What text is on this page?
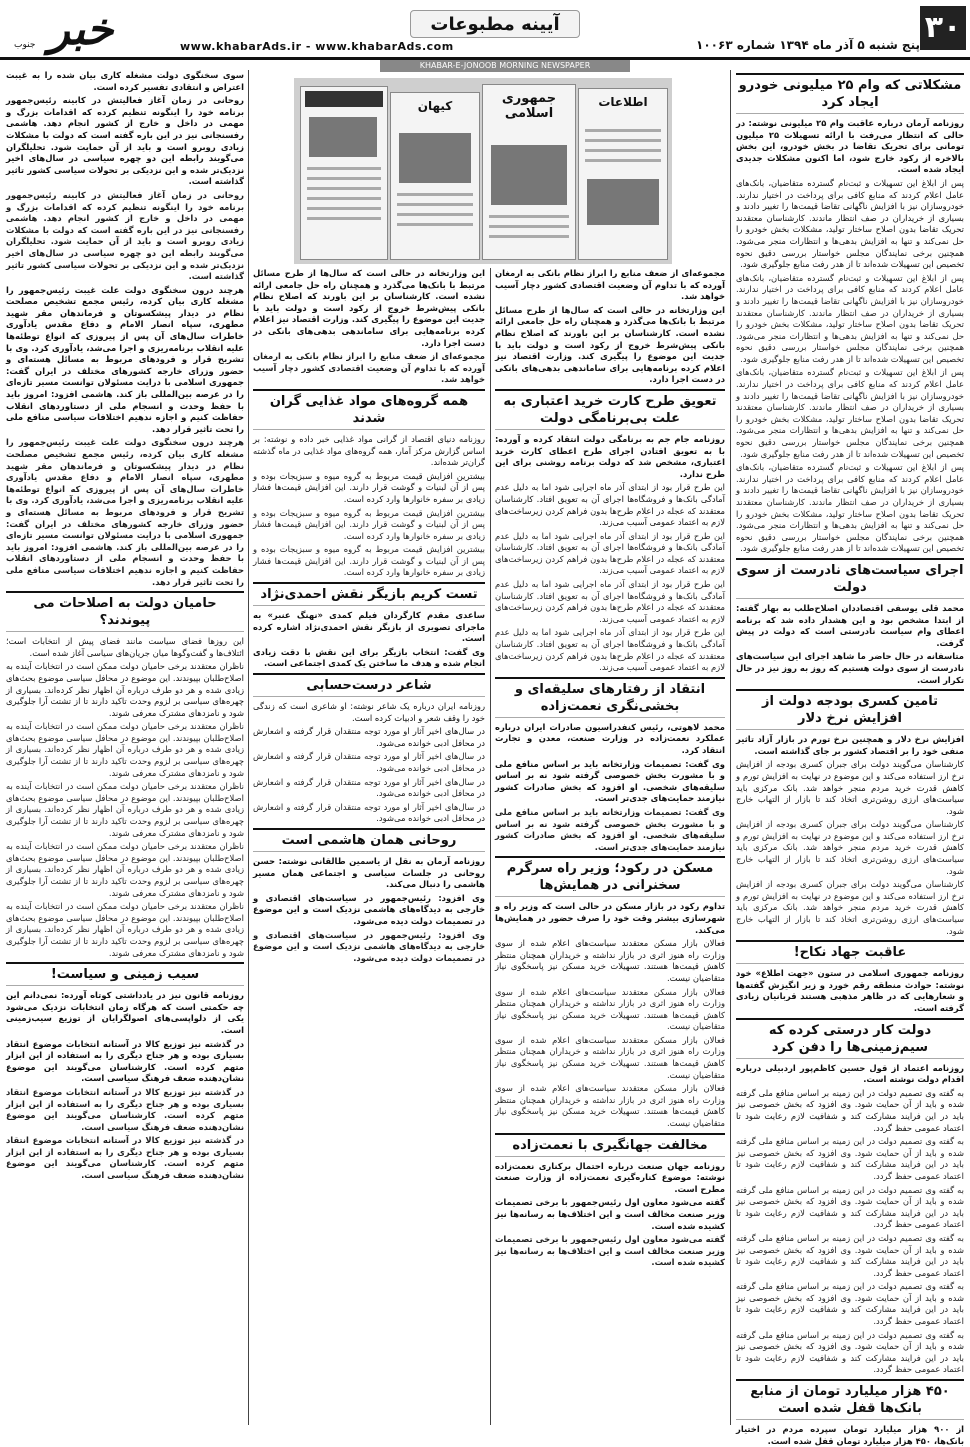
۳۰
خبر
جنوب
آیینه مطبوعات
پنج شنبه ۵ آذر ماه ۱۳۹۴ شماره ۱۰۰۶۳
www.khabarAds.ir - www.khabarAds.com
KHABAR-E-JONOOB MORNING NEWSPAPER
مشکلاتی که وام ۲۵ میلیونی خودرو ایجاد کرد

روزنامه آرمان درباره عاقبت وام ۲۵ میلیونی نوشته: در حالی که انتظار می‌رفت با ارائه تسهیلات ۲۵ میلیون تومانی برای تحریک تقاضا در بخش خودرو، این بخش بالاخره از رکود خارج شود، اما اکنون مشکلات جدیدی ایجاد شده است.

پس از ابلاغ این تسهیلات و ثبت‌نام گسترده متقاضیان، بانک‌های عامل اعلام کردند که منابع کافی برای پرداخت در اختیار ندارند. خودروسازان نیز با افزایش ناگهانی تقاضا قیمت‌ها را تغییر دادند و بسیاری از خریداران در صف انتظار ماندند. کارشناسان معتقدند تحریک تقاضا بدون اصلاح ساختار تولید، مشکلات بخش خودرو را حل نمی‌کند و تنها به افزایش بدهی‌ها و انتظارات منجر می‌شود. همچنین برخی نمایندگان مجلس خواستار بررسی دقیق نحوه تخصیص این تسهیلات شده‌اند تا از هدر رفت منابع جلوگیری شود.

پس از ابلاغ این تسهیلات و ثبت‌نام گسترده متقاضیان، بانک‌های عامل اعلام کردند که منابع کافی برای پرداخت در اختیار ندارند. خودروسازان نیز با افزایش ناگهانی تقاضا قیمت‌ها را تغییر دادند و بسیاری از خریداران در صف انتظار ماندند. کارشناسان معتقدند تحریک تقاضا بدون اصلاح ساختار تولید، مشکلات بخش خودرو را حل نمی‌کند و تنها به افزایش بدهی‌ها و انتظارات منجر می‌شود. همچنین برخی نمایندگان مجلس خواستار بررسی دقیق نحوه تخصیص این تسهیلات شده‌اند تا از هدر رفت منابع جلوگیری شود.

پس از ابلاغ این تسهیلات و ثبت‌نام گسترده متقاضیان، بانک‌های عامل اعلام کردند که منابع کافی برای پرداخت در اختیار ندارند. خودروسازان نیز با افزایش ناگهانی تقاضا قیمت‌ها را تغییر دادند و بسیاری از خریداران در صف انتظار ماندند. کارشناسان معتقدند تحریک تقاضا بدون اصلاح ساختار تولید، مشکلات بخش خودرو را حل نمی‌کند و تنها به افزایش بدهی‌ها و انتظارات منجر می‌شود. همچنین برخی نمایندگان مجلس خواستار بررسی دقیق نحوه تخصیص این تسهیلات شده‌اند تا از هدر رفت منابع جلوگیری شود.

پس از ابلاغ این تسهیلات و ثبت‌نام گسترده متقاضیان، بانک‌های عامل اعلام کردند که منابع کافی برای پرداخت در اختیار ندارند. خودروسازان نیز با افزایش ناگهانی تقاضا قیمت‌ها را تغییر دادند و بسیاری از خریداران در صف انتظار ماندند. کارشناسان معتقدند تحریک تقاضا بدون اصلاح ساختار تولید، مشکلات بخش خودرو را حل نمی‌کند و تنها به افزایش بدهی‌ها و انتظارات منجر می‌شود. همچنین برخی نمایندگان مجلس خواستار بررسی دقیق نحوه تخصیص این تسهیلات شده‌اند تا از هدر رفت منابع جلوگیری شود.

اجرای سیاست‌های نادرست از سوی دولت

محمد قلی یوسفی اقتصاددان اصلاح‌طلب به بهار گفته: از ابتدا مشخص بود و این هشدار داده شد که برنامه اعطای وام سیاست نادرستی است که دولت در پیش گرفت.

متاسفانه در حال حاضر ما شاهد اجرای این سیاست‌های نادرست از سوی دولت هستیم که روز به روز نیز در حال تکرار است.

تامین کسری بودجه دولت از افزایش نرخ دلار

افزایش نرخ دلار و همچنین نرخ تورم در بازار آزاد تاثیر منفی خود را بر اقتصاد کشور بر جای گذاشته است.

کارشناسان می‌گویند دولت برای جبران کسری بودجه از افزایش نرخ ارز استفاده می‌کند و این موضوع در نهایت به افزایش تورم و کاهش قدرت خرید مردم منجر خواهد شد. بانک مرکزی باید سیاست‌های ارزی روشن‌تری اتخاذ کند تا بازار از التهاب خارج شود.

کارشناسان می‌گویند دولت برای جبران کسری بودجه از افزایش نرخ ارز استفاده می‌کند و این موضوع در نهایت به افزایش تورم و کاهش قدرت خرید مردم منجر خواهد شد. بانک مرکزی باید سیاست‌های ارزی روشن‌تری اتخاذ کند تا بازار از التهاب خارج شود.

کارشناسان می‌گویند دولت برای جبران کسری بودجه از افزایش نرخ ارز استفاده می‌کند و این موضوع در نهایت به افزایش تورم و کاهش قدرت خرید مردم منجر خواهد شد. بانک مرکزی باید سیاست‌های ارزی روشن‌تری اتخاذ کند تا بازار از التهاب خارج شود.

عاقبت جهاد نکاح!

روزنامه جمهوری اسلامی در ستون «جهت اطلاع» خود نوشته: حوادث منطقه رقم خورد و زیر انگیزش گفته‌ها و شعارهایی که در ظاهر مذهبی هستند قربانیان زیادی گرفته است.

دولت کار درستی کرده که سیم‌زمینی‌ها را دفن کرد

روزنامه اعتماد از قول حسین کاظم‌پور اردبیلی درباره اقدام دولت نوشته است.

به گفته وی تصمیم دولت در این زمینه بر اساس منافع ملی گرفته شده و باید از آن حمایت شود. وی افزود که بخش خصوصی نیز باید در این فرایند مشارکت کند و شفافیت لازم رعایت شود تا اعتماد عمومی حفظ گردد.

به گفته وی تصمیم دولت در این زمینه بر اساس منافع ملی گرفته شده و باید از آن حمایت شود. وی افزود که بخش خصوصی نیز باید در این فرایند مشارکت کند و شفافیت لازم رعایت شود تا اعتماد عمومی حفظ گردد.

به گفته وی تصمیم دولت در این زمینه بر اساس منافع ملی گرفته شده و باید از آن حمایت شود. وی افزود که بخش خصوصی نیز باید در این فرایند مشارکت کند و شفافیت لازم رعایت شود تا اعتماد عمومی حفظ گردد.

به گفته وی تصمیم دولت در این زمینه بر اساس منافع ملی گرفته شده و باید از آن حمایت شود. وی افزود که بخش خصوصی نیز باید در این فرایند مشارکت کند و شفافیت لازم رعایت شود تا اعتماد عمومی حفظ گردد.

به گفته وی تصمیم دولت در این زمینه بر اساس منافع ملی گرفته شده و باید از آن حمایت شود. وی افزود که بخش خصوصی نیز باید در این فرایند مشارکت کند و شفافیت لازم رعایت شود تا اعتماد عمومی حفظ گردد.

به گفته وی تصمیم دولت در این زمینه بر اساس منافع ملی گرفته شده و باید از آن حمایت شود. وی افزود که بخش خصوصی نیز باید در این فرایند مشارکت کند و شفافیت لازم رعایت شود تا اعتماد عمومی حفظ گردد.

۴۵۰ هزار میلیارد تومان از منابع بانک‌ها قفل شده است

از ۹۰۰ هزار میلیارد تومان سپرده مردم در اختیار بانک‌ها، ۴۵۰ هزار میلیارد تومان قفل شده است.

کیهان	جمهوری اسلامی
اطلاعات

مجموعه‌ای از ضعف منابع را ابراز نظام بانکی به ارمغان آورده که با تداوم آن وضعیت اقتصادی کشور دچار آسیب خواهد شد.

این وزارتخانه در حالی است که سال‌ها از طرح مسائل مرتبط با بانک‌ها می‌گذرد و همچنان راه حل جامعی ارائه نشده است. کارشناسان بر این باورند که اصلاح نظام بانکی پیش‌شرط خروج از رکود است و دولت باید با جدیت این موضوع را پیگیری کند. وزارت اقتصاد نیز اعلام کرده برنامه‌هایی برای ساماندهی بدهی‌های بانکی در دست اجرا دارد.

تعویق طرح کارت خرید اعتباری به علت بی‌برنامگی دولت

روزنامه جام جم به برنامگی دولت انتقاد کرده و آورده: با به تعویق افتادن اجرای طرح اعطای کارت خرید اعتباری، مشخص شد که دولت برنامه روشنی برای این طرح ندارد.

این طرح قرار بود از ابتدای آذر ماه اجرایی شود اما به دلیل عدم آمادگی بانک‌ها و فروشگاه‌ها اجرای آن به تعویق افتاد. کارشناسان معتقدند که عجله در اعلام طرح‌ها بدون فراهم کردن زیرساخت‌های لازم به اعتماد عمومی آسیب می‌زند.

این طرح قرار بود از ابتدای آذر ماه اجرایی شود اما به دلیل عدم آمادگی بانک‌ها و فروشگاه‌ها اجرای آن به تعویق افتاد. کارشناسان معتقدند که عجله در اعلام طرح‌ها بدون فراهم کردن زیرساخت‌های لازم به اعتماد عمومی آسیب می‌زند.

این طرح قرار بود از ابتدای آذر ماه اجرایی شود اما به دلیل عدم آمادگی بانک‌ها و فروشگاه‌ها اجرای آن به تعویق افتاد. کارشناسان معتقدند که عجله در اعلام طرح‌ها بدون فراهم کردن زیرساخت‌های لازم به اعتماد عمومی آسیب می‌زند.

این طرح قرار بود از ابتدای آذر ماه اجرایی شود اما به دلیل عدم آمادگی بانک‌ها و فروشگاه‌ها اجرای آن به تعویق افتاد. کارشناسان معتقدند که عجله در اعلام طرح‌ها بدون فراهم کردن زیرساخت‌های لازم به اعتماد عمومی آسیب می‌زند.

انتقاد از رفتارهای سلیقه‌ای و بخشی‌نگری نعمت‌زاده

محمد لاهوتی، رئیس کنفدراسیون صادرات ایران درباره عملکرد نعمت‌زاده در وزارت صنعت، معدن و تجارت انتقاد کرد.

وی گفت: تصمیمات وزارتخانه باید بر اساس منافع ملی و با مشورت بخش خصوصی گرفته شود نه بر اساس سلیقه‌های شخصی. او افزود که بخش صادرات کشور نیازمند حمایت‌های جدی‌تر است.

وی گفت: تصمیمات وزارتخانه باید بر اساس منافع ملی و با مشورت بخش خصوصی گرفته شود نه بر اساس سلیقه‌های شخصی. او افزود که بخش صادرات کشور نیازمند حمایت‌های جدی‌تر است.

مسکن در رکود؛ وزیر راه سرگرم سخنرانی در همایش‌ها

تداوم رکود در بازار مسکن در حالی است که وزیر راه و شهرسازی بیشتر وقت خود را صرف حضور در همایش‌ها می‌کند.

فعالان بازار مسکن معتقدند سیاست‌های اعلام شده از سوی وزارت راه هنوز اثری در بازار نداشته و خریداران همچنان منتظر کاهش قیمت‌ها هستند. تسهیلات خرید مسکن نیز پاسخگوی نیاز متقاضیان نیست.

فعالان بازار مسکن معتقدند سیاست‌های اعلام شده از سوی وزارت راه هنوز اثری در بازار نداشته و خریداران همچنان منتظر کاهش قیمت‌ها هستند. تسهیلات خرید مسکن نیز پاسخگوی نیاز متقاضیان نیست.

فعالان بازار مسکن معتقدند سیاست‌های اعلام شده از سوی وزارت راه هنوز اثری در بازار نداشته و خریداران همچنان منتظر کاهش قیمت‌ها هستند. تسهیلات خرید مسکن نیز پاسخگوی نیاز متقاضیان نیست.

فعالان بازار مسکن معتقدند سیاست‌های اعلام شده از سوی وزارت راه هنوز اثری در بازار نداشته و خریداران همچنان منتظر کاهش قیمت‌ها هستند. تسهیلات خرید مسکن نیز پاسخگوی نیاز متقاضیان نیست.

مخالفت جهانگیری با نعمت‌زاده

روزنامه جهان صنعت درباره احتمال برکناری نعمت‌زاده نوشته: موضوع کناره‌گیری نعمت‌زاده از وزارت صنعت مطرح است.

گفته می‌شود معاون اول رئیس‌جمهور با برخی تصمیمات وزیر صنعت مخالف است و این اختلاف‌ها به رسانه‌ها نیز کشیده شده است.

گفته می‌شود معاون اول رئیس‌جمهور با برخی تصمیمات وزیر صنعت مخالف است و این اختلاف‌ها به رسانه‌ها نیز کشیده شده است.

این وزارتخانه در حالی است که سال‌ها از طرح مسائل مرتبط با بانک‌ها می‌گذرد و همچنان راه حل جامعی ارائه نشده است. کارشناسان بر این باورند که اصلاح نظام بانکی پیش‌شرط خروج از رکود است و دولت باید با جدیت این موضوع را پیگیری کند. وزارت اقتصاد نیز اعلام کرده برنامه‌هایی برای ساماندهی بدهی‌های بانکی در دست اجرا دارد.

مجموعه‌ای از ضعف منابع را ابراز نظام بانکی به ارمغان آورده که با تداوم آن وضعیت اقتصادی کشور دچار آسیب خواهد شد.

همه گروه‌های مواد غذایی گران شدند

روزنامه دنیای اقتصاد از گرانی مواد غذایی خبر داده و نوشته: بر اساس گزارش مرکز آمار، همه گروه‌های مواد غذایی در ماه گذشته گران‌تر شده‌اند.

بیشترین افزایش قیمت مربوط به گروه میوه و سبزیجات بوده و پس از آن لبنیات و گوشت قرار دارند. این افزایش قیمت‌ها فشار زیادی بر سفره خانوارها وارد کرده است.

بیشترین افزایش قیمت مربوط به گروه میوه و سبزیجات بوده و پس از آن لبنیات و گوشت قرار دارند. این افزایش قیمت‌ها فشار زیادی بر سفره خانوارها وارد کرده است.

بیشترین افزایش قیمت مربوط به گروه میوه و سبزیجات بوده و پس از آن لبنیات و گوشت قرار دارند. این افزایش قیمت‌ها فشار زیادی بر سفره خانوارها وارد کرده است.

تست کریم بازیگر نقش احمدی‌نژاد

ساعدی مقدم کارگردان فیلم کمدی «نهنگ عنبر» به ماجرای تصویری از بازیگر نقش احمدی‌نژاد اشاره کرده است.

وی گفت: انتخاب بازیگر برای این نقش با دقت زیادی انجام شده و هدف ما ساختن یک کمدی اجتماعی است.

شاعر درست‌حسابی

روزنامه ایران درباره یک شاعر نوشته: او شاعری است که زندگی خود را وقف شعر و ادبیات کرده است.

در سال‌های اخیر آثار او مورد توجه منتقدان قرار گرفته و اشعارش در محافل ادبی خوانده می‌شود.

در سال‌های اخیر آثار او مورد توجه منتقدان قرار گرفته و اشعارش در محافل ادبی خوانده می‌شود.

در سال‌های اخیر آثار او مورد توجه منتقدان قرار گرفته و اشعارش در محافل ادبی خوانده می‌شود.

در سال‌های اخیر آثار او مورد توجه منتقدان قرار گرفته و اشعارش در محافل ادبی خوانده می‌شود.

روحانی همان هاشمی است

روزنامه آرمان به نقل از یاسمین طالقانی نوشته: حسن روحانی در جلسات سیاسی و اجتماعی همان مسیر هاشمی را دنبال می‌کند.

وی افزود: رئیس‌جمهور در سیاست‌های اقتصادی و خارجی به دیدگاه‌های هاشمی نزدیک است و این موضوع در تصمیمات دولت دیده می‌شود.

وی افزود: رئیس‌جمهور در سیاست‌های اقتصادی و خارجی به دیدگاه‌های هاشمی نزدیک است و این موضوع در تصمیمات دولت دیده می‌شود.

سوی سخنگوی دولت مشغله کاری بیان شده را به غیبت اعتراض و انتقادی تفسیر کرده است.

روحانی در زمان آغاز فعالیتش در کابینه رئیس‌جمهور برنامه خود را اینگونه تنظیم کرده که اقدامات بزرگ و مهمی در داخل و خارج از کشور انجام دهد. هاشمی رفسنجانی نیز در این باره گفته است که دولت با مشکلات زیادی روبرو است و باید از آن حمایت شود. تحلیلگران می‌گویند رابطه این دو چهره سیاسی در سال‌های اخیر نزدیک‌تر شده و این نزدیکی بر تحولات سیاسی کشور تاثیر گذاشته است.

روحانی در زمان آغاز فعالیتش در کابینه رئیس‌جمهور برنامه خود را اینگونه تنظیم کرده که اقدامات بزرگ و مهمی در داخل و خارج از کشور انجام دهد. هاشمی رفسنجانی نیز در این باره گفته است که دولت با مشکلات زیادی روبرو است و باید از آن حمایت شود. تحلیلگران می‌گویند رابطه این دو چهره سیاسی در سال‌های اخیر نزدیک‌تر شده و این نزدیکی بر تحولات سیاسی کشور تاثیر گذاشته است.

هرچند درون سخنگوی دولت علت غیبت رئیس‌جمهور را مشغله کاری بیان کرده، رئیس مجمع تشخیص مصلحت نظام در دیدار پیشکسوتان و فرماندهان مقر شهید مطهری، سپاه انصار الامام و دفاع مقدس یادآوری خاطرات سال‌های آن پس از پیروزی که انواع توطئه‌ها علیه انقلاب برنامه‌ریزی و اجرا می‌شد، یادآوری کرد. وی با تشریح قرار و فرودهای مربوط به مسائل هسته‌ای و حضور وزرای خارجه کشورهای مختلف در ایران گفت: جمهوری اسلامی با درایت مسئولان توانست مسیر تازه‌ای را در عرصه بین‌المللی باز کند. هاشمی افزود: امروز باید با حفظ وحدت و انسجام ملی از دستاوردهای انقلاب حفاظت کنیم و اجازه ندهیم اختلافات سیاسی منافع ملی را تحت تاثیر قرار دهد.

هرچند درون سخنگوی دولت علت غیبت رئیس‌جمهور را مشغله کاری بیان کرده، رئیس مجمع تشخیص مصلحت نظام در دیدار پیشکسوتان و فرماندهان مقر شهید مطهری، سپاه انصار الامام و دفاع مقدس یادآوری خاطرات سال‌های آن پس از پیروزی که انواع توطئه‌ها علیه انقلاب برنامه‌ریزی و اجرا می‌شد، یادآوری کرد. وی با تشریح قرار و فرودهای مربوط به مسائل هسته‌ای و حضور وزرای خارجه کشورهای مختلف در ایران گفت: جمهوری اسلامی با درایت مسئولان توانست مسیر تازه‌ای را در عرصه بین‌المللی باز کند. هاشمی افزود: امروز باید با حفظ وحدت و انسجام ملی از دستاوردهای انقلاب حفاظت کنیم و اجازه ندهیم اختلافات سیاسی منافع ملی را تحت تاثیر قرار دهد.

حامیان دولت به اصلاحات می پیوندند؟

این روزها فضای سیاست مانند فضای پیش از انتخابات است؛ ائتلاف‌ها و گفت‌وگوها میان جریان‌های سیاسی آغاز شده است.

ناظران معتقدند برخی حامیان دولت ممکن است در انتخابات آینده به اصلاح‌طلبان بپیوندند. این موضوع در محافل سیاسی موضوع بحث‌های زیادی شده و هر دو طرف درباره آن اظهار نظر کرده‌اند. بسیاری از چهره‌های سیاسی بر لزوم وحدت تاکید دارند تا از تشتت آرا جلوگیری شود و نامزدهای مشترک معرفی شوند.

ناظران معتقدند برخی حامیان دولت ممکن است در انتخابات آینده به اصلاح‌طلبان بپیوندند. این موضوع در محافل سیاسی موضوع بحث‌های زیادی شده و هر دو طرف درباره آن اظهار نظر کرده‌اند. بسیاری از چهره‌های سیاسی بر لزوم وحدت تاکید دارند تا از تشتت آرا جلوگیری شود و نامزدهای مشترک معرفی شوند.

ناظران معتقدند برخی حامیان دولت ممکن است در انتخابات آینده به اصلاح‌طلبان بپیوندند. این موضوع در محافل سیاسی موضوع بحث‌های زیادی شده و هر دو طرف درباره آن اظهار نظر کرده‌اند. بسیاری از چهره‌های سیاسی بر لزوم وحدت تاکید دارند تا از تشتت آرا جلوگیری شود و نامزدهای مشترک معرفی شوند.

ناظران معتقدند برخی حامیان دولت ممکن است در انتخابات آینده به اصلاح‌طلبان بپیوندند. این موضوع در محافل سیاسی موضوع بحث‌های زیادی شده و هر دو طرف درباره آن اظهار نظر کرده‌اند. بسیاری از چهره‌های سیاسی بر لزوم وحدت تاکید دارند تا از تشتت آرا جلوگیری شود و نامزدهای مشترک معرفی شوند.

ناظران معتقدند برخی حامیان دولت ممکن است در انتخابات آینده به اصلاح‌طلبان بپیوندند. این موضوع در محافل سیاسی موضوع بحث‌های زیادی شده و هر دو طرف درباره آن اظهار نظر کرده‌اند. بسیاری از چهره‌های سیاسی بر لزوم وحدت تاکید دارند تا از تشتت آرا جلوگیری شود و نامزدهای مشترک معرفی شوند.

سیب زمینی و سیاست!

روزنامه قانون نیز در یادداشتی کوتاه آورده: نمی‌دانم این چه حکمتی است که هرگاه زمان انتخابات نزدیک می‌شود یکی از دلواپسی‌های اصولگرایان از توزیع سیب‌زمینی است.

در گذشته نیز توزیع کالا در آستانه انتخابات موضوع انتقاد بسیاری بوده و هر جناح دیگری را به استفاده از این ابزار متهم کرده است. کارشناسان می‌گویند این موضوع نشان‌دهنده ضعف فرهنگ سیاسی است.

در گذشته نیز توزیع کالا در آستانه انتخابات موضوع انتقاد بسیاری بوده و هر جناح دیگری را به استفاده از این ابزار متهم کرده است. کارشناسان می‌گویند این موضوع نشان‌دهنده ضعف فرهنگ سیاسی است.

در گذشته نیز توزیع کالا در آستانه انتخابات موضوع انتقاد بسیاری بوده و هر جناح دیگری را به استفاده از این ابزار متهم کرده است. کارشناسان می‌گویند این موضوع نشان‌دهنده ضعف فرهنگ سیاسی است.
